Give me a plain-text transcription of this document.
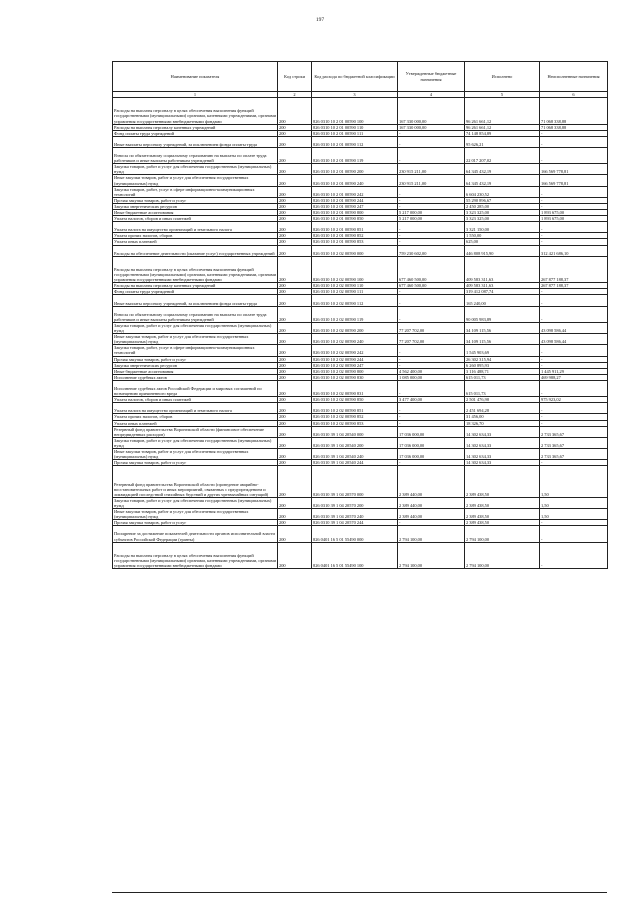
197
Наименование показателя	Код строки	Код расхода по бюджетной классификации	Утвержденные бюджетные назначения	Исполнено	Неисполненные назначения
1	2	3	4	5	6
Расходы на выплаты персоналу в целях обеспечения выполнения функций государственными (муниципальными) органами, казенными учреждениями, органами управления государственными внебюджетными фондами	200	826 0310 10 2 01 00590 100	167 330 000,00	96 261 661,12	71 068 338,88
Расходы на выплаты персоналу казенных учреждений	200	826 0310 10 2 01 00590 110	167 330 000,00	96 261 661,12	71 068 338,88
Фонд оплаты труда учреждений	200	826 0310 10 2 01 00590 111	-	74 148 854,89	-
Иные выплаты персоналу учреждений, за исключением фонда оплаты труда	200	826 0310 10 2 01 00590 112	-	95 626,21	-
Взносы по обязательному социальному страхованию на выплаты по оплате труда работников и иные выплаты работникам учреждений	200	826 0310 10 2 01 00590 119	-	22 017 207,02	-
Закупка товаров, работ и услуг для обеспечения государственных (муниципальных) нужд	200	826 0310 10 2 01 00590 200	230 915 211,00	64 345 432,19	166 569 778,81
Иные закупки товаров, работ и услуг для обеспечения государственных (муниципальных) нужд	200	826 0310 10 2 01 00590 240	230 915 211,00	64 345 432,19	166 569 778,81
Закупка товаров, работ, услуг в сфере информационно-коммуникационных технологий	200	826 0310 10 2 01 00590 242	-	6 604 230,52	-
Прочая закупка товаров, работ и услуг	200	826 0310 10 2 01 00590 244	-	55 290 896,67	-
Закупка энергетических ресурсов	200	826 0310 10 2 01 00590 247	-	2 450 285,00	-
Иные бюджетные ассигнования	200	826 0310 10 2 01 00590 800	5 217 000,00	3 323 325,00	1 893 675,00
Уплата налогов, сборов и иных платежей	200	826 0310 10 2 01 00590 850	5 217 000,00	3 323 325,00	1 893 675,00
Уплата налога на имущество организаций и земельного налога	200	826 0310 10 2 01 00590 851	-	3 321 150,00	-
Уплата прочих налогов, сборов	200	826 0310 10 2 01 00590 852	-	1 550,00	-
Уплата иных платежей	200	826 0310 10 2 01 00590 853	-	625,00	-
Расходы на обеспечение деятельности (оказание услуг) государственных учреждений	200	826 0310 10 2 02 00590 000	759 230 602,00	446 808 915,90	312 421 686,10
Расходы на выплаты персоналу в целях обеспечения выполнения функций государственными (муниципальными) органами, казенными учреждениями, органами управления государственными внебюджетными фондами	200	826 0310 10 2 02 00590 100	677 460 500,00	409 583 311,63	267 877 188,37
Расходы на выплаты персоналу казенных учреждений	200	826 0310 10 2 02 00590 110	677 460 500,00	409 583 311,63	267 877 188,37
Фонд оплаты труда учреждений	200	826 0310 10 2 02 00590 111	-	319 412 087,74	-
Иные выплаты персоналу учреждений, за исключением фонда оплаты труда	200	826 0310 10 2 02 00590 112	-	165 240,00	-
Взносы по обязательному социальному страхованию на выплаты по оплате труда работников и иные выплаты работникам учреждений	200	826 0310 10 2 02 00590 119	-	90 005 983,89	-
Закупка товаров, работ и услуг для обеспечения государственных (муниципальных) нужд	200	826 0310 10 2 02 00590 200	77 207 702,00	34 109 115,56	43 098 586,44
Иные закупки товаров, работ и услуг для обеспечения государственных (муниципальных) нужд	200	826 0310 10 2 02 00590 240	77 207 702,00	34 109 115,56	43 098 586,44
Закупка товаров, работ, услуг в сфере информационно-коммуникационных технологий	200	826 0310 10 2 02 00590 242	-	1 545 903,69	-
Прочая закупка товаров, работ и услуг	200	826 0310 10 2 02 00590 244	-	26 302 315,94	-
Закупка энергетических ресурсов	200	826 0310 10 2 02 00590 247	-	6 260 895,93	-
Иные бюджетные ассигнования	200	826 0310 10 2 02 00590 800	4 562 400,00	3 116 488,71	1 445 911,29
Исполнение судебных актов	200	826 0310 10 2 02 00590 830	1 085 000,00	615 011,73	469 988,27
Исполнение судебных актов Российской Федерации и мировых соглашений по возмещению причиненного вреда	200	826 0310 10 2 02 00590 831	-	615 011,73	-
Уплата налогов, сборов и иных платежей	200	826 0310 10 2 02 00590 850	3 477 400,00	2 501 476,98	975 923,02
Уплата налога на имущество организаций и земельного налога	200	826 0310 10 2 02 00590 851	-	2 451 694,28	-
Уплата прочих налогов, сборов	200	826 0310 10 2 02 00590 852	-	31 456,00	-
Уплата иных платежей	200	826 0310 10 2 02 00590 853	-	18 326,70	-
Резервный фонд правительства Воронежской области (финансовое обеспечение непредвиденных расходов)	200	826 0310 39 1 04 20540 000	17 036 000,00	14 302 634,33	2 733 365,67
Закупка товаров, работ и услуг для обеспечения государственных (муниципальных) нужд	200	826 0310 39 1 04 20540 200	17 036 000,00	14 302 634,33	2 733 365,67
Иные закупки товаров, работ и услуг для обеспечения государственных (муниципальных) нужд	200	826 0310 39 1 04 20540 240	17 036 000,00	14 302 634,33	2 733 365,67
Прочая закупка товаров, работ и услуг	200	826 0310 39 1 04 20540 244	-	14 302 634,33	-
Резервный фонд правительства Воронежской области (проведение аварийно-восстановительных работ и иных мероприятий, связанных с предупреждением и ликвидацией последствий стихийных бедствий и других чрезвычайных ситуаций)	200	826 0310 39 1 04 20570 000	2 389 440,00	2 389 438,50	1,50
Закупка товаров, работ и услуг для обеспечения государственных (муниципальных) нужд	200	826 0310 39 1 04 20570 200	2 389 440,00	2 389 438,50	1,50
Иные закупки товаров, работ и услуг для обеспечения государственных (муниципальных) нужд	200	826 0310 39 1 04 20570 240	2 389 440,00	2 389 438,50	1,50
Прочая закупка товаров, работ и услуг	200	826 0310 39 1 04 20570 244	-	2 389 438,50	-
Поощрение за достижение показателей деятельности органов исполнительной власти субъектов Российской Федерации (гранты)	200	826 0401 16 5 01 55490 000	2 794 100,00	2 794 100,00	-
Расходы на выплаты персоналу в целях обеспечения выполнения функций государственными (муниципальными) органами, казенными учреждениями, органами управления государственными внебюджетными фондами	200	826 0401 16 5 01 55490 100	2 794 100,00	2 794 100,00	-
